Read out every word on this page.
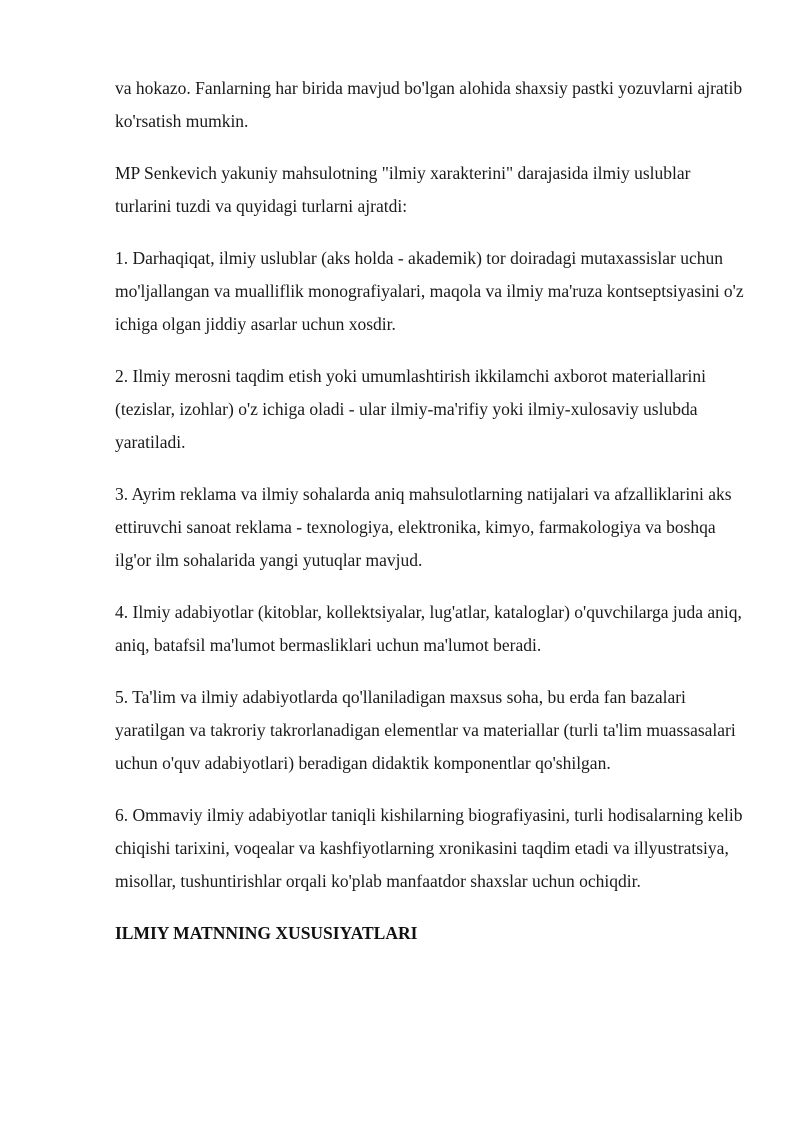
va hokazo. Fanlarning har birida mavjud bo'lgan alohida shaxsiy pastki yozuvlarni ajratib ko'rsatish mumkin.

MP Senkevich yakuniy mahsulotning "ilmiy xarakterini" darajasida ilmiy uslublar turlarini tuzdi va quyidagi turlarni ajratdi:

1. Darhaqiqat, ilmiy uslublar (aks holda - akademik) tor doiradagi mutaxassislar uchun mo'ljallangan va mualliflik monografiyalari, maqola va ilmiy ma'ruza kontseptsiyasini o'z ichiga olgan jiddiy asarlar uchun xosdir.

2. Ilmiy merosni taqdim etish yoki umumlashtirish ikkilamchi axborot materiallarini (tezislar, izohlar) o'z ichiga oladi - ular ilmiy-ma'rifiy yoki ilmiy-xulosaviy uslubda yaratiladi.

3. Ayrim reklama va ilmiy sohalarda aniq mahsulotlarning natijalari va afzalliklarini aks ettiruvchi sanoat reklama - texnologiya, elektronika, kimyo, farmakologiya va boshqa ilg'or ilm sohalarida yangi yutuqlar mavjud.

4. Ilmiy adabiyotlar (kitoblar, kollektsiyalar, lug'atlar, kataloglar) o'quvchilarga juda aniq, aniq, batafsil ma'lumot bermasliklari uchun ma'lumot beradi.

5. Ta'lim va ilmiy adabiyotlarda qo'llaniladigan maxsus soha, bu erda fan bazalari yaratilgan va takroriy takrorlanadigan elementlar va materiallar (turli ta'lim muassasalari uchun o'quv adabiyotlari) beradigan didaktik komponentlar qo'shilgan.

6. Ommaviy ilmiy adabiyotlar taniqli kishilarning biografiyasini, turli hodisalarning kelib chiqishi tarixini, voqealar va kashfiyotlarning xronikasini taqdim etadi va illyustratsiya, misollar, tushuntirishlar orqali ko'plab manfaatdor shaxslar uchun ochiqdir.

ILMIY MATNNING XUSUSIYATLARI
